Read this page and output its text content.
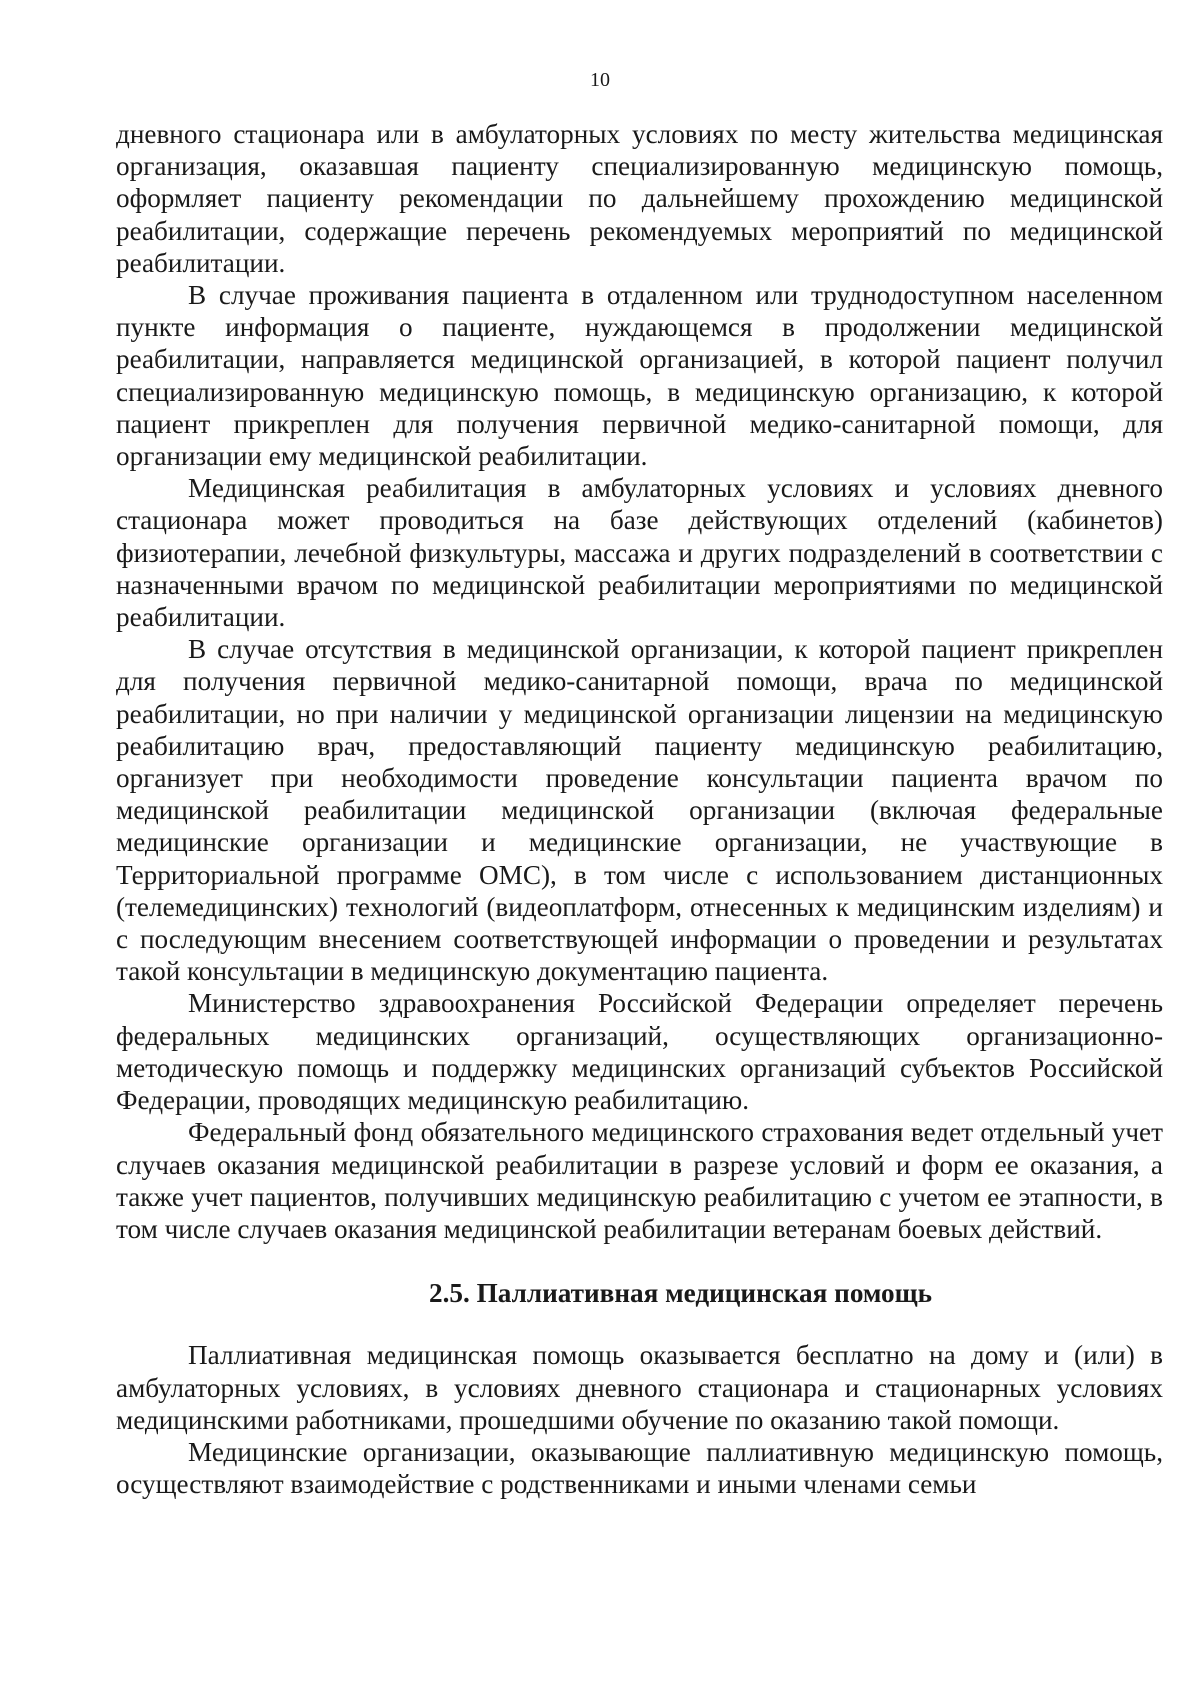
10

дневного стационара или в амбулаторных условиях по месту жительства медицинская организация, оказавшая пациенту специализированную медицинскую помощь, оформляет пациенту рекомендации по дальнейшему прохождению медицинской реабилитации, содержащие перечень рекомендуемых мероприятий по медицинской реабилитации.

В случае проживания пациента в отдаленном или труднодоступном населенном пункте информация о пациенте, нуждающемся в продолжении медицинской реабилитации, направляется медицинской организацией, в которой пациент получил специализированную медицинскую помощь, в медицинскую организацию, к которой пациент прикреплен для получения первичной медико-санитарной помощи, для организации ему медицинской реабилитации.

Медицинская реабилитация в амбулаторных условиях и условиях дневного стационара может проводиться на базе действующих отделений (кабинетов) физиотерапии, лечебной физкультуры, массажа и других подразделений в соответствии с назначенными врачом по медицинской реабилитации мероприятиями по медицинской реабилитации.

В случае отсутствия в медицинской организации, к которой пациент прикреплен для получения первичной медико-санитарной помощи, врача по медицинской реабилитации, но при наличии у медицинской организации лицензии на медицинскую реабилитацию врач, предоставляющий пациенту медицинскую реабилитацию, организует при необходимости проведение консультации пациента врачом по медицинской реабилитации медицинской организации (включая федеральные медицинские организации и медицинские организации, не участвующие в Территориальной программе ОМС), в том числе с использованием дистанционных (телемедицинских) технологий (видеоплатформ, отнесенных к медицинским изделиям) и с последующим внесением соответствующей информации о проведении и результатах такой консультации в медицинскую документацию пациента.

Министерство здравоохранения Российской Федерации определяет перечень федеральных медицинских организаций, осуществляющих организационно-методическую помощь и поддержку медицинских организаций субъектов Российской Федерации, проводящих медицинскую реабилитацию.

Федеральный фонд обязательного медицинского страхования ведет отдельный учет случаев оказания медицинской реабилитации в разрезе условий и форм ее оказания, а также учет пациентов, получивших медицинскую реабилитацию с учетом ее этапности, в том числе случаев оказания медицинской реабилитации ветеранам боевых действий.

2.5. Паллиативная медицинская помощь

Паллиативная медицинская помощь оказывается бесплатно на дому и (или) в амбулаторных условиях, в условиях дневного стационара и стационарных условиях медицинскими работниками, прошедшими обучение по оказанию такой помощи.

Медицинские организации, оказывающие паллиативную медицинскую помощь, осуществляют взаимодействие с родственниками и иными членами семьи
